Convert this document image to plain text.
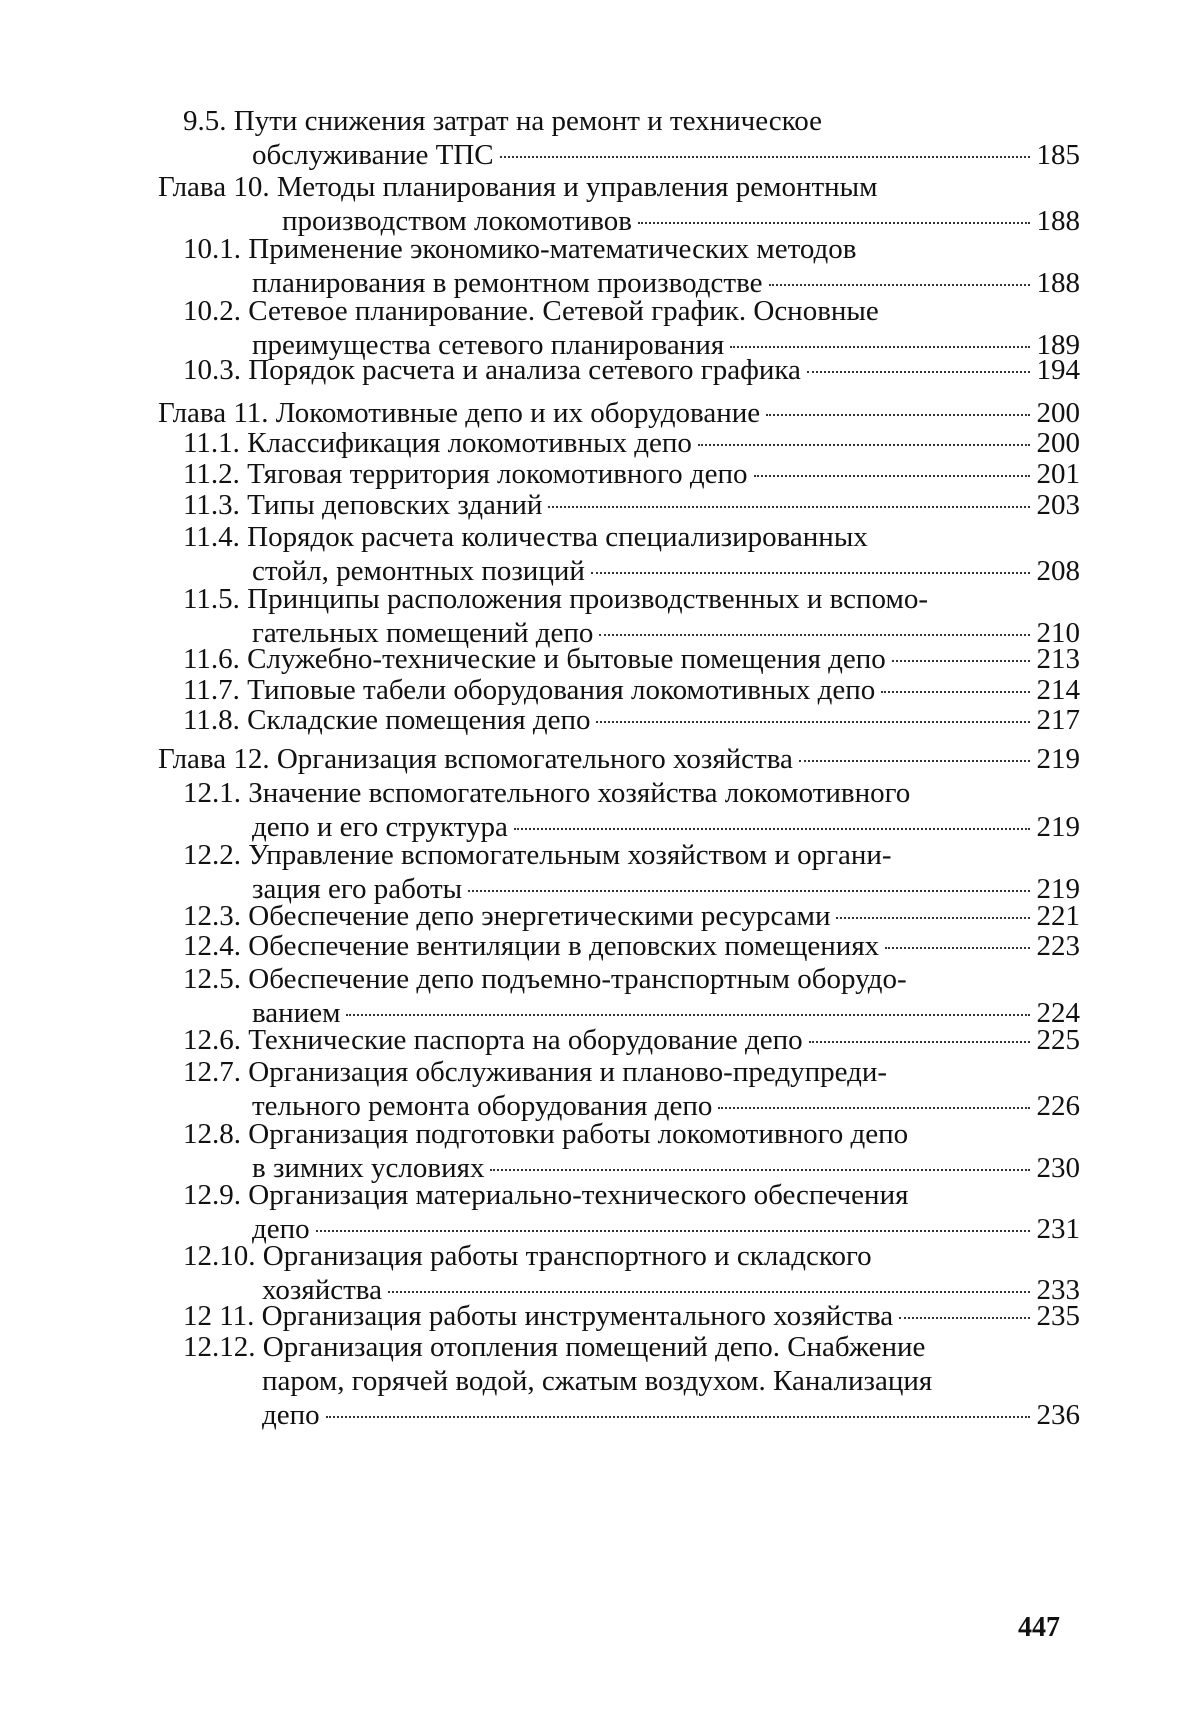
9.5. Пути снижения затрат на ремонт и техническое
обслуживание ТПС	185
Глава 10. Методы планирования и управления ремонтным
производством локомотивов	188
10.1. Применение экономико-математических методов
планирования в ремонтном производстве	188
10.2. Сетевое планирование. Сетевой график. Основные
преимущества сетевого планирования	189
10.3. Порядок расчета и анализа сетевого графика	194
Глава 11. Локомотивные депо и их оборудование	200
11.1. Классификация локомотивных депо	200
11.2. Тяговая территория локомотивного депо	201
11.3. Типы деповских зданий	203
11.4. Порядок расчета количества специализированных
стойл, ремонтных позиций	208
11.5. Принципы расположения производственных и вспомо-
гательных помещений депо	210
11.6. Служебно-технические и бытовые помещения депо	213
11.7. Типовые табели оборудования локомотивных депо	214
11.8. Складские помещения депо	217
Глава 12. Организация вспомогательного хозяйства	219
12.1. Значение вспомогательного хозяйства локомотивного
депо и его структура	219
12.2. Управление вспомогательным хозяйством и органи-
зация его работы	219
12.3. Обеспечение депо энергетическими ресурсами	221
12.4. Обеспечение вентиляции в деповских помещениях	223
12.5. Обеспечение депо подъемно-транспортным оборудо-
ванием	224
12.6. Технические паспорта на оборудование депо	225
12.7. Организация обслуживания и планово-предупреди-
тельного ремонта оборудования депо	226
12.8. Организация подготовки работы локомотивного депо
в зимних условиях	230
12.9. Организация материально-технического обеспечения
депо	231
12.10. Организация работы транспортного и складского
хозяйства	233
12 11. Организация работы инструментального хозяйства	235
12.12. Организация отопления помещений депо. Снабжение
паром, горячей водой, сжатым воздухом. Канализация
депо	236
447
